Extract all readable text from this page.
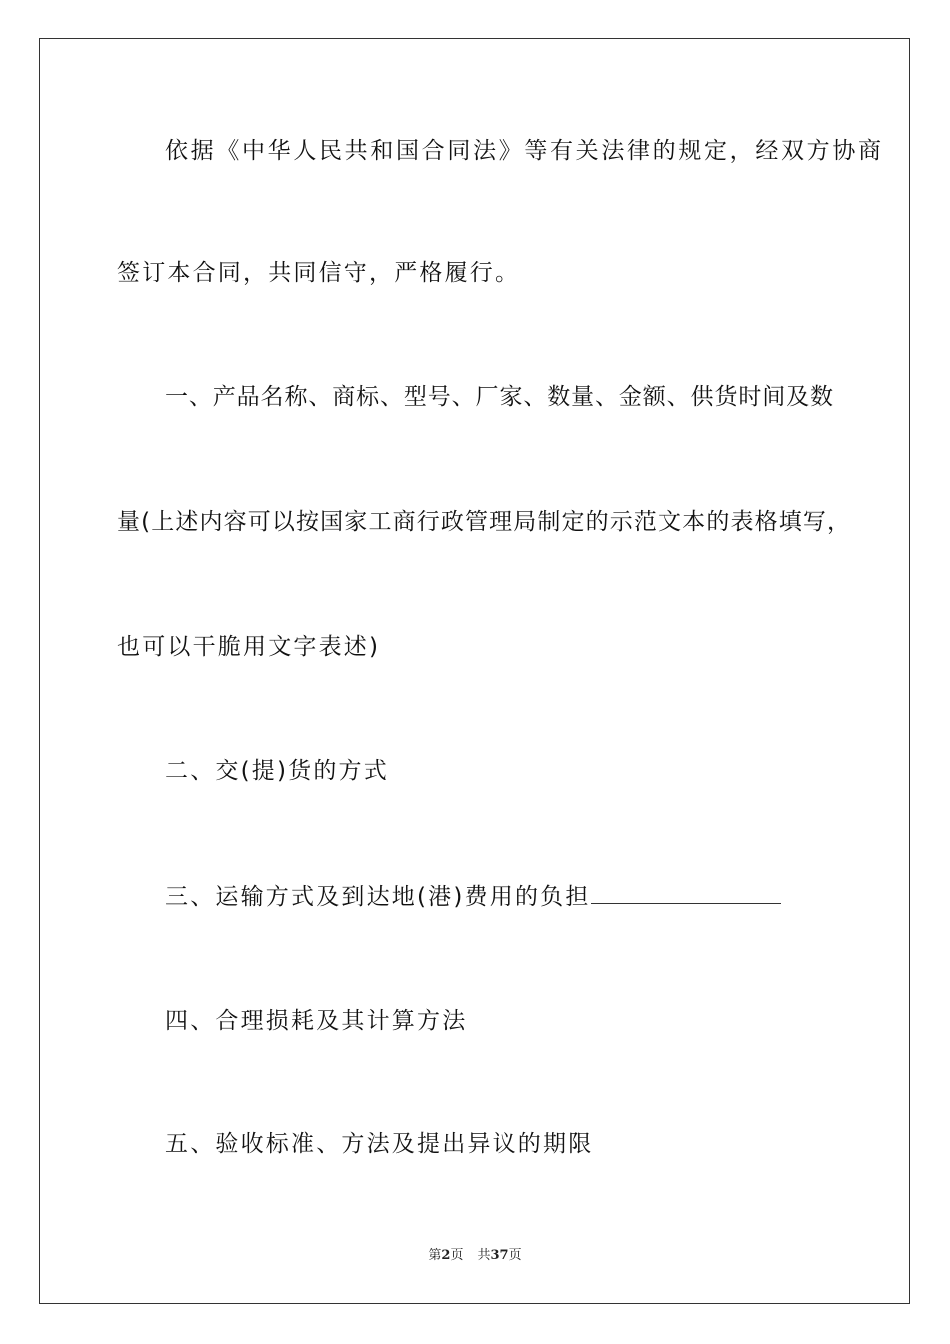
依据《中华人民共和国合同法》等有关法律的规定，经双方协商
签订本合同，共同信守，严格履行。
一、产品名称、商标、型号、厂家、数量、金额、供货时间及数
量(上述内容可以按国家工商行政管理局制定的示范文本的表格填写，
也可以干脆用文字表述)
二、交(提)货的方式
三、运输方式及到达地(港)费用的负担
四、合理损耗及其计算方法
五、验收标准、方法及提出异议的期限
第2页 共37页
